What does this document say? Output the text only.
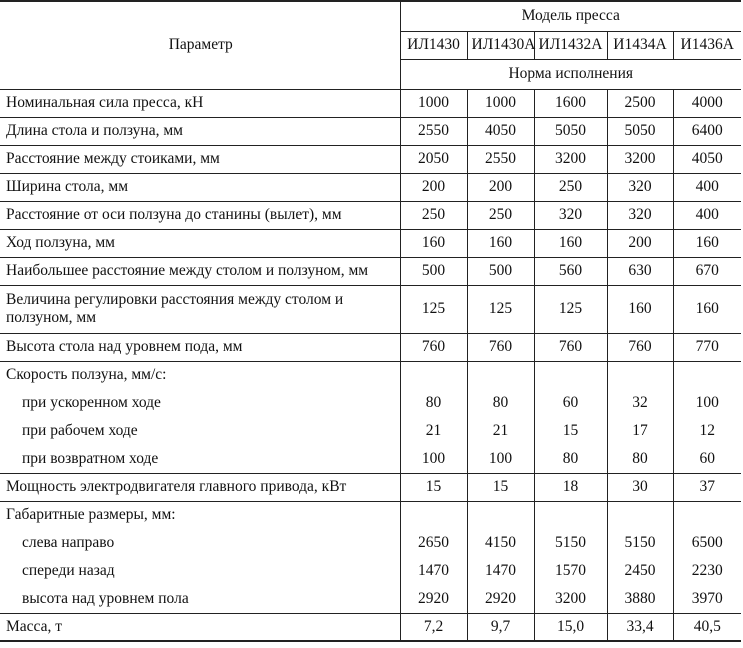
Параметр	Модель пресса				
	ИЛ1430	ИЛ1430А	ИЛ1432А	И1434А	И1436А
	Норма исполнения				
Номинальная сила пресса, кН	1000	1000	1600	2500	4000
Длина стола и ползуна, мм	2550	4050	5050	5050	6400
Расстояние между стоиками, мм	2050	2550	3200	3200	4050
Ширина стола, мм	200	200	250	320	400
Расстояние от оси ползуна до станины (вылет), мм	250	250	320	320	400
Ход ползуна, мм	160	160	160	200	160
Наибольшее расстояние между столом и ползуном, мм	500	500	560	630	670
Величина регулировки расстояния между столом и ползуном, мм	125	125	125	160	160
Высота стола над уровнем пода, мм	760	760	760	760	770
Скорость ползуна, мм/с:					
при ускоренном ходе	80	80	60	32	100
при рабочем ходе	21	21	15	17	12
при возвратном ходе	100	100	80	80	60
Мощность электродвигателя главного привода, кВт	15	15	18	30	37
Габаритные размеры, мм:					
слева направо	2650	4150	5150	5150	6500
спереди назад	1470	1470	1570	2450	2230
высота над уровнем пола	2920	2920	3200	3880	3970
Масса, т	7,2	9,7	15,0	33,4	40,5
